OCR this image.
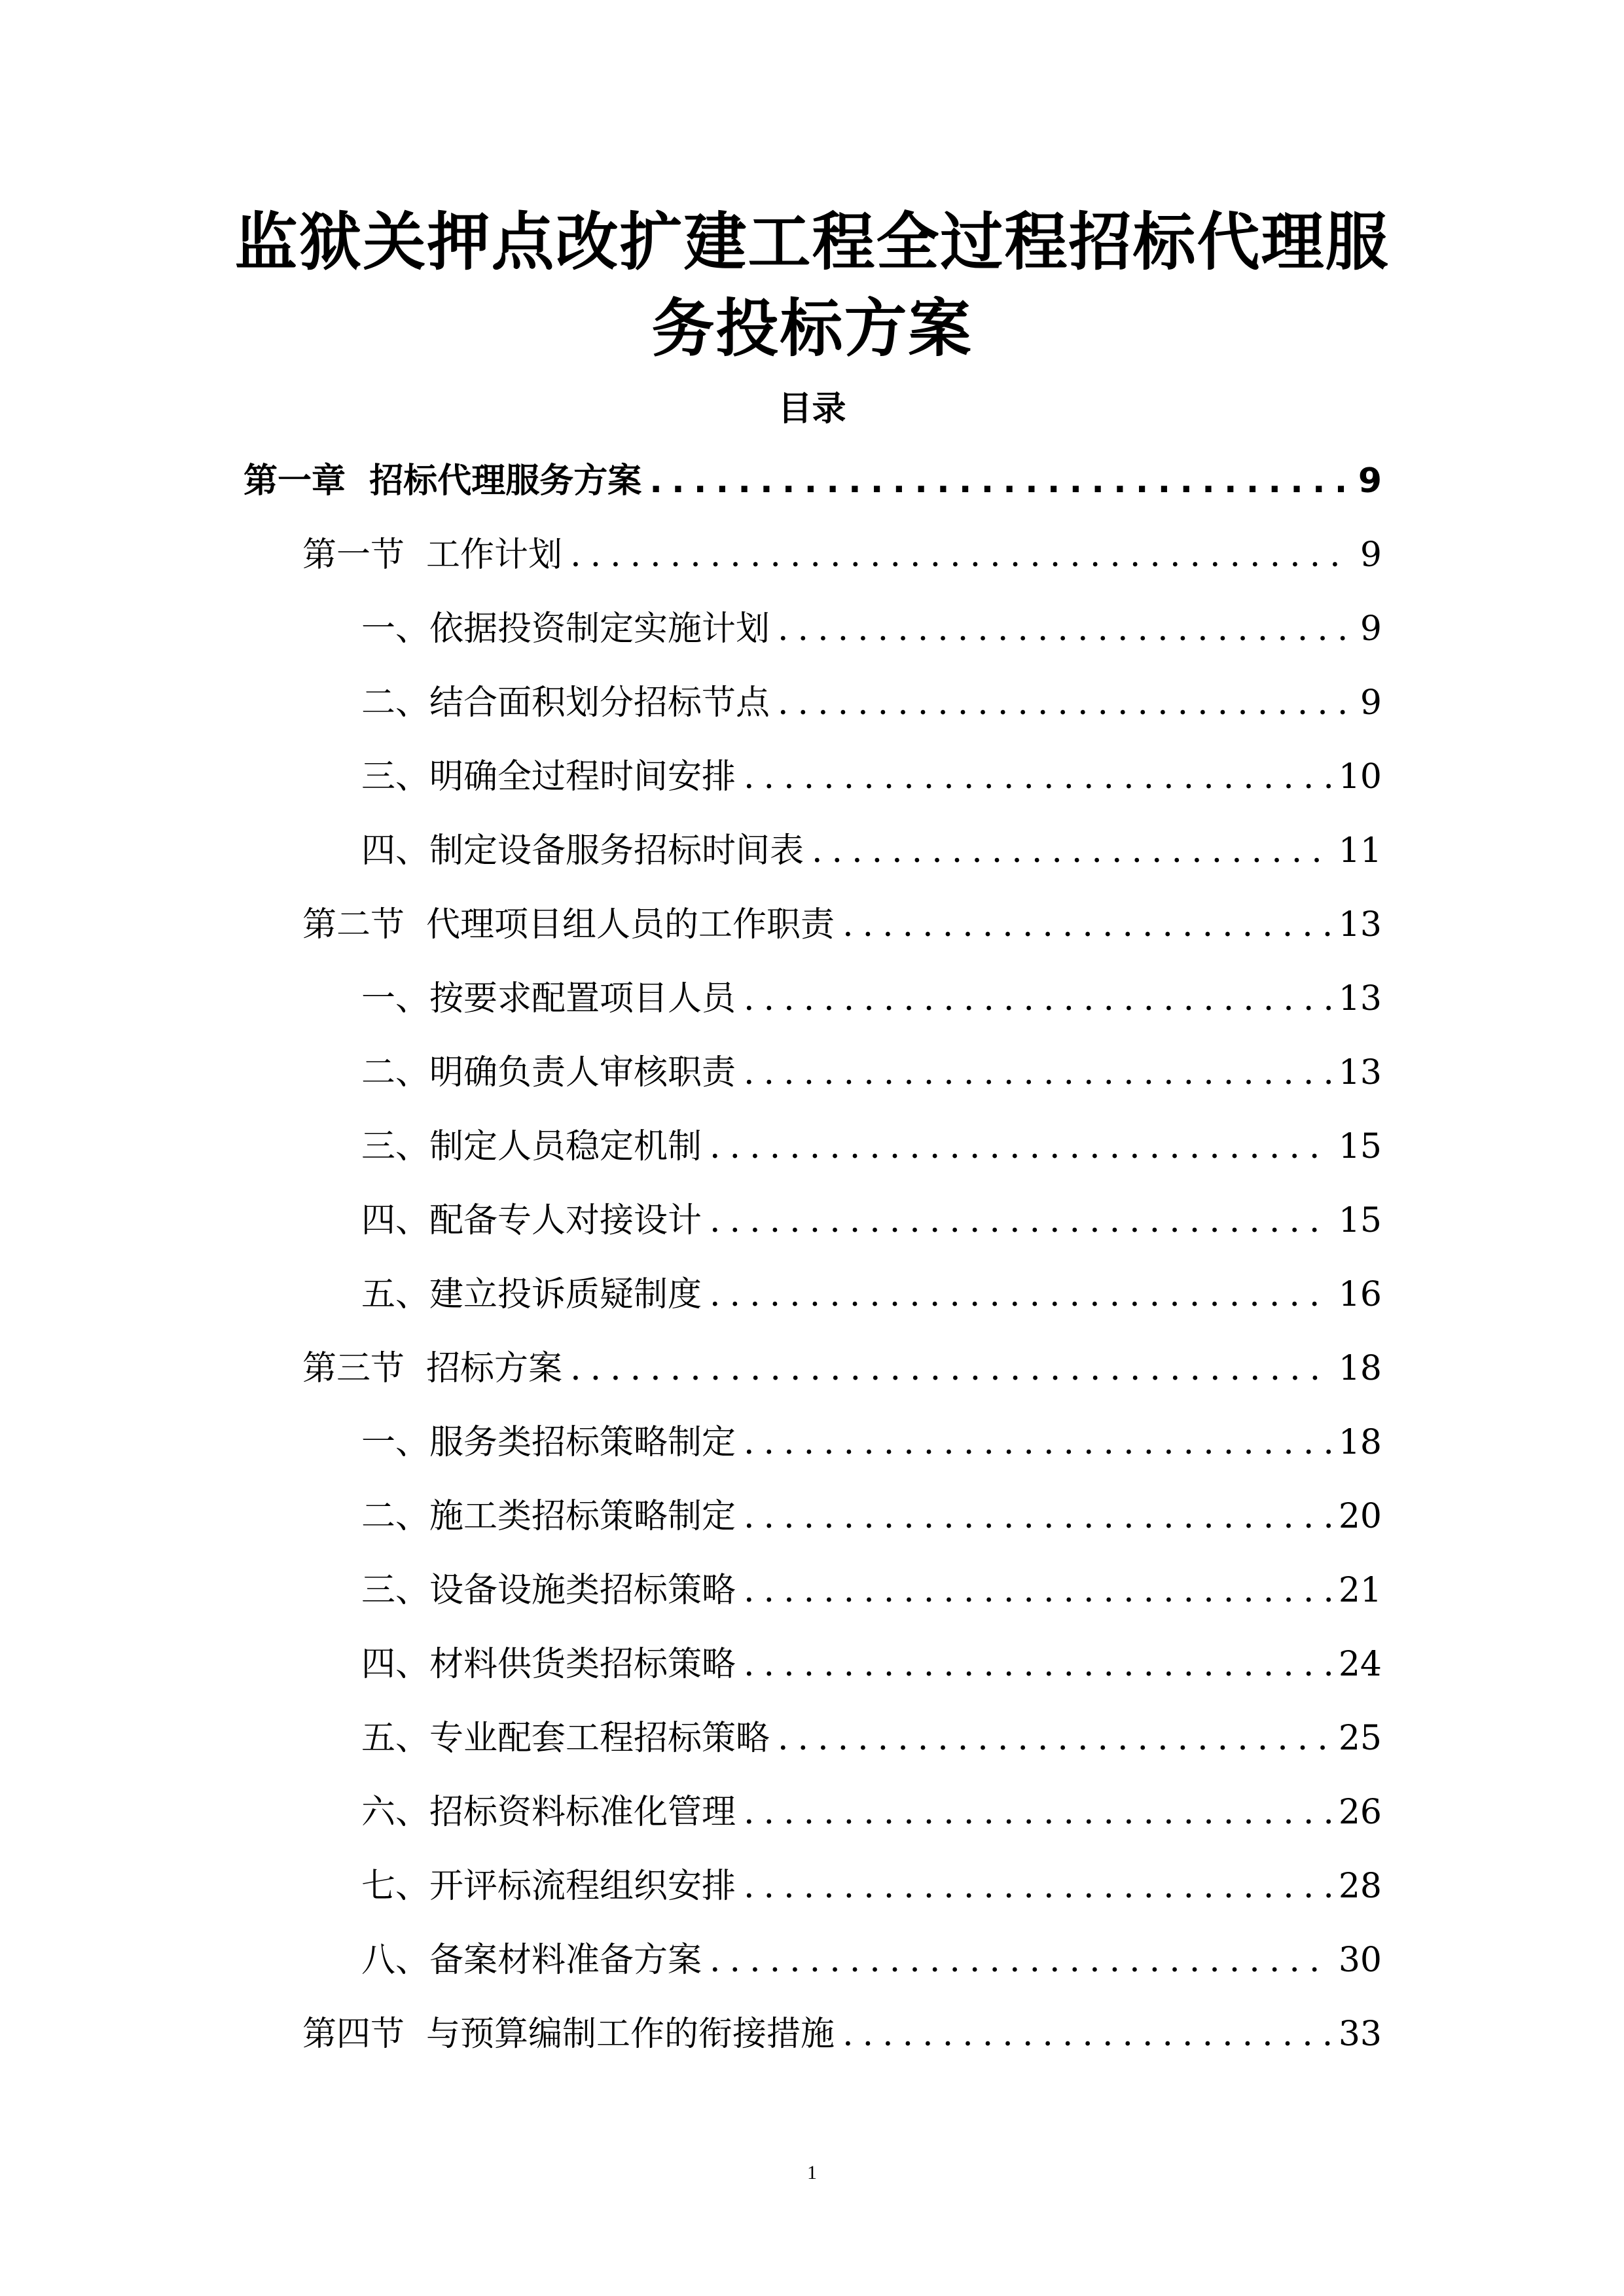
监狱关押点改扩建工程全过程招标代理服
务投标方案
目录
第一章  招标代理服务方案 .....	9
第一节  工作计划 .....	9
一、依据投资制定实施计划 .....	9
二、结合面积划分招标节点 .....	9
三、明确全过程时间安排 .....	10
四、制定设备服务招标时间表 .....	11
第二节  代理项目组人员的工作职责 .....	13
一、按要求配置项目人员 .....	13
二、明确负责人审核职责 .....	13
三、制定人员稳定机制 .....	15
四、配备专人对接设计 .....	15
五、建立投诉质疑制度 .....	16
第三节  招标方案 .....	18
一、服务类招标策略制定 .....	18
二、施工类招标策略制定 .....	20
三、设备设施类招标策略 .....	21
四、材料供货类招标策略 .....	24
五、专业配套工程招标策略 .....	25
六、招标资料标准化管理 .....	26
七、开评标流程组织安排 .....	28
八、备案材料准备方案 .....	30
第四节  与预算编制工作的衔接措施 .....	33
1
